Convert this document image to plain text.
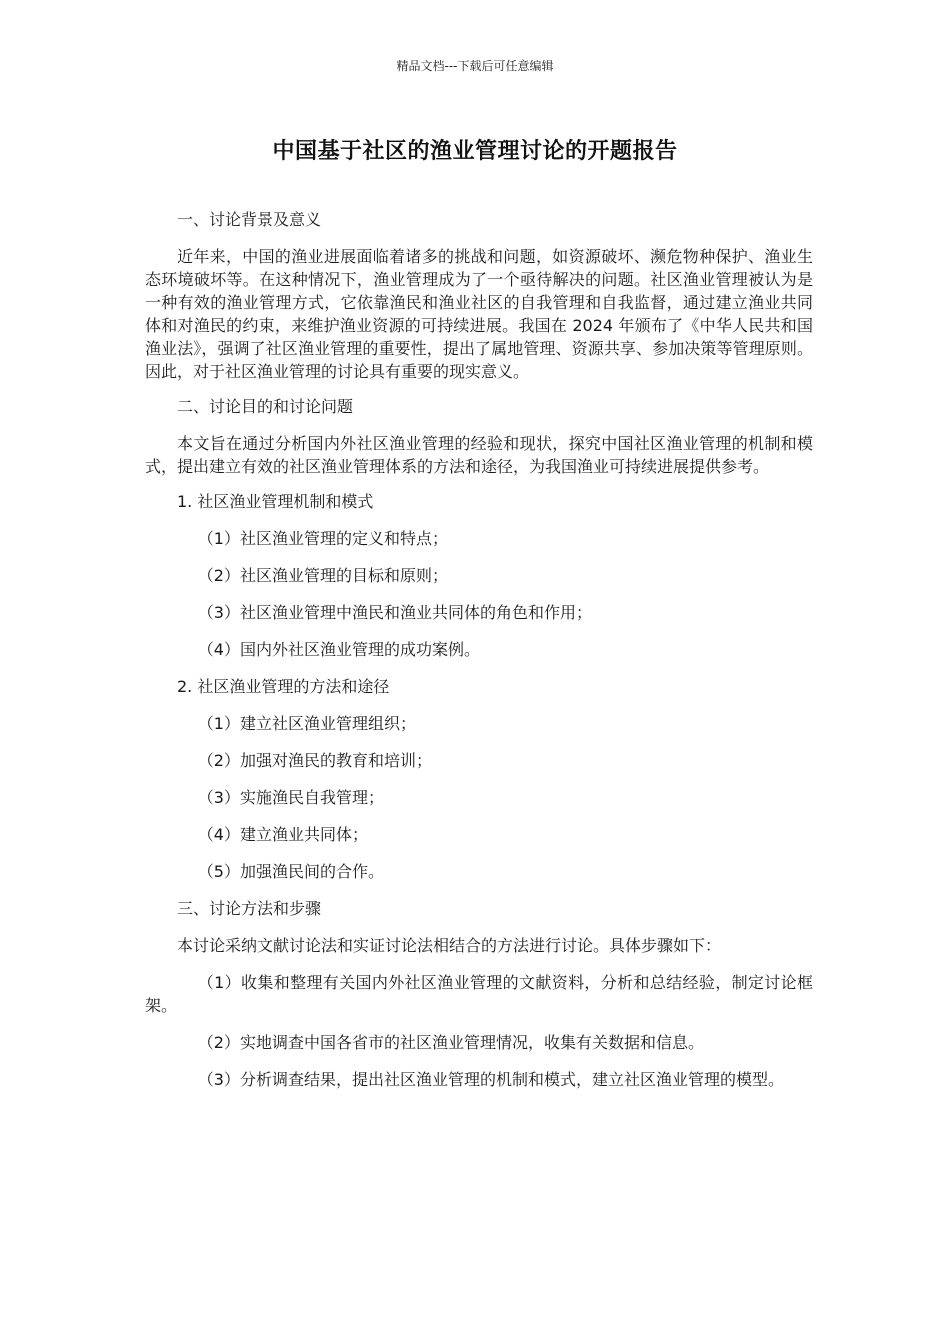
精品文档---下载后可任意编辑
中国基于社区的渔业管理讨论的开题报告

一、讨论背景及意义

近年来，中国的渔业进展面临着诸多的挑战和问题，如资源破坏、濒危物种保护、渔业生态环境破坏等。在这种情况下，渔业管理成为了一个亟待解决的问题。社区渔业管理被认为是一种有效的渔业管理方式，它依靠渔民和渔业社区的自我管理和自我监督，通过建立渔业共同体和对渔民的约束，来维护渔业资源的可持续进展。我国在 2024 年颁布了《中华人民共和国渔业法》，强调了社区渔业管理的重要性，提出了属地管理、资源共享、参加决策等管理原则。因此，对于社区渔业管理的讨论具有重要的现实意义。

二、讨论目的和讨论问题

本文旨在通过分析国内外社区渔业管理的经验和现状，探究中国社区渔业管理的机制和模式，提出建立有效的社区渔业管理体系的方法和途径，为我国渔业可持续进展提供参考。

1. 社区渔业管理机制和模式

（1）社区渔业管理的定义和特点；

（2）社区渔业管理的目标和原则；

（3）社区渔业管理中渔民和渔业共同体的角色和作用；

（4）国内外社区渔业管理的成功案例。

2. 社区渔业管理的方法和途径

（1）建立社区渔业管理组织；

（2）加强对渔民的教育和培训；

（3）实施渔民自我管理；

（4）建立渔业共同体；

（5）加强渔民间的合作。

三、讨论方法和步骤

本讨论采纳文献讨论法和实证讨论法相结合的方法进行讨论。具体步骤如下：

（1）收集和整理有关国内外社区渔业管理的文献资料，分析和总结经验，制定讨论框架。

（2）实地调查中国各省市的社区渔业管理情况，收集有关数据和信息。

（3）分析调查结果，提出社区渔业管理的机制和模式，建立社区渔业管理的模型。
